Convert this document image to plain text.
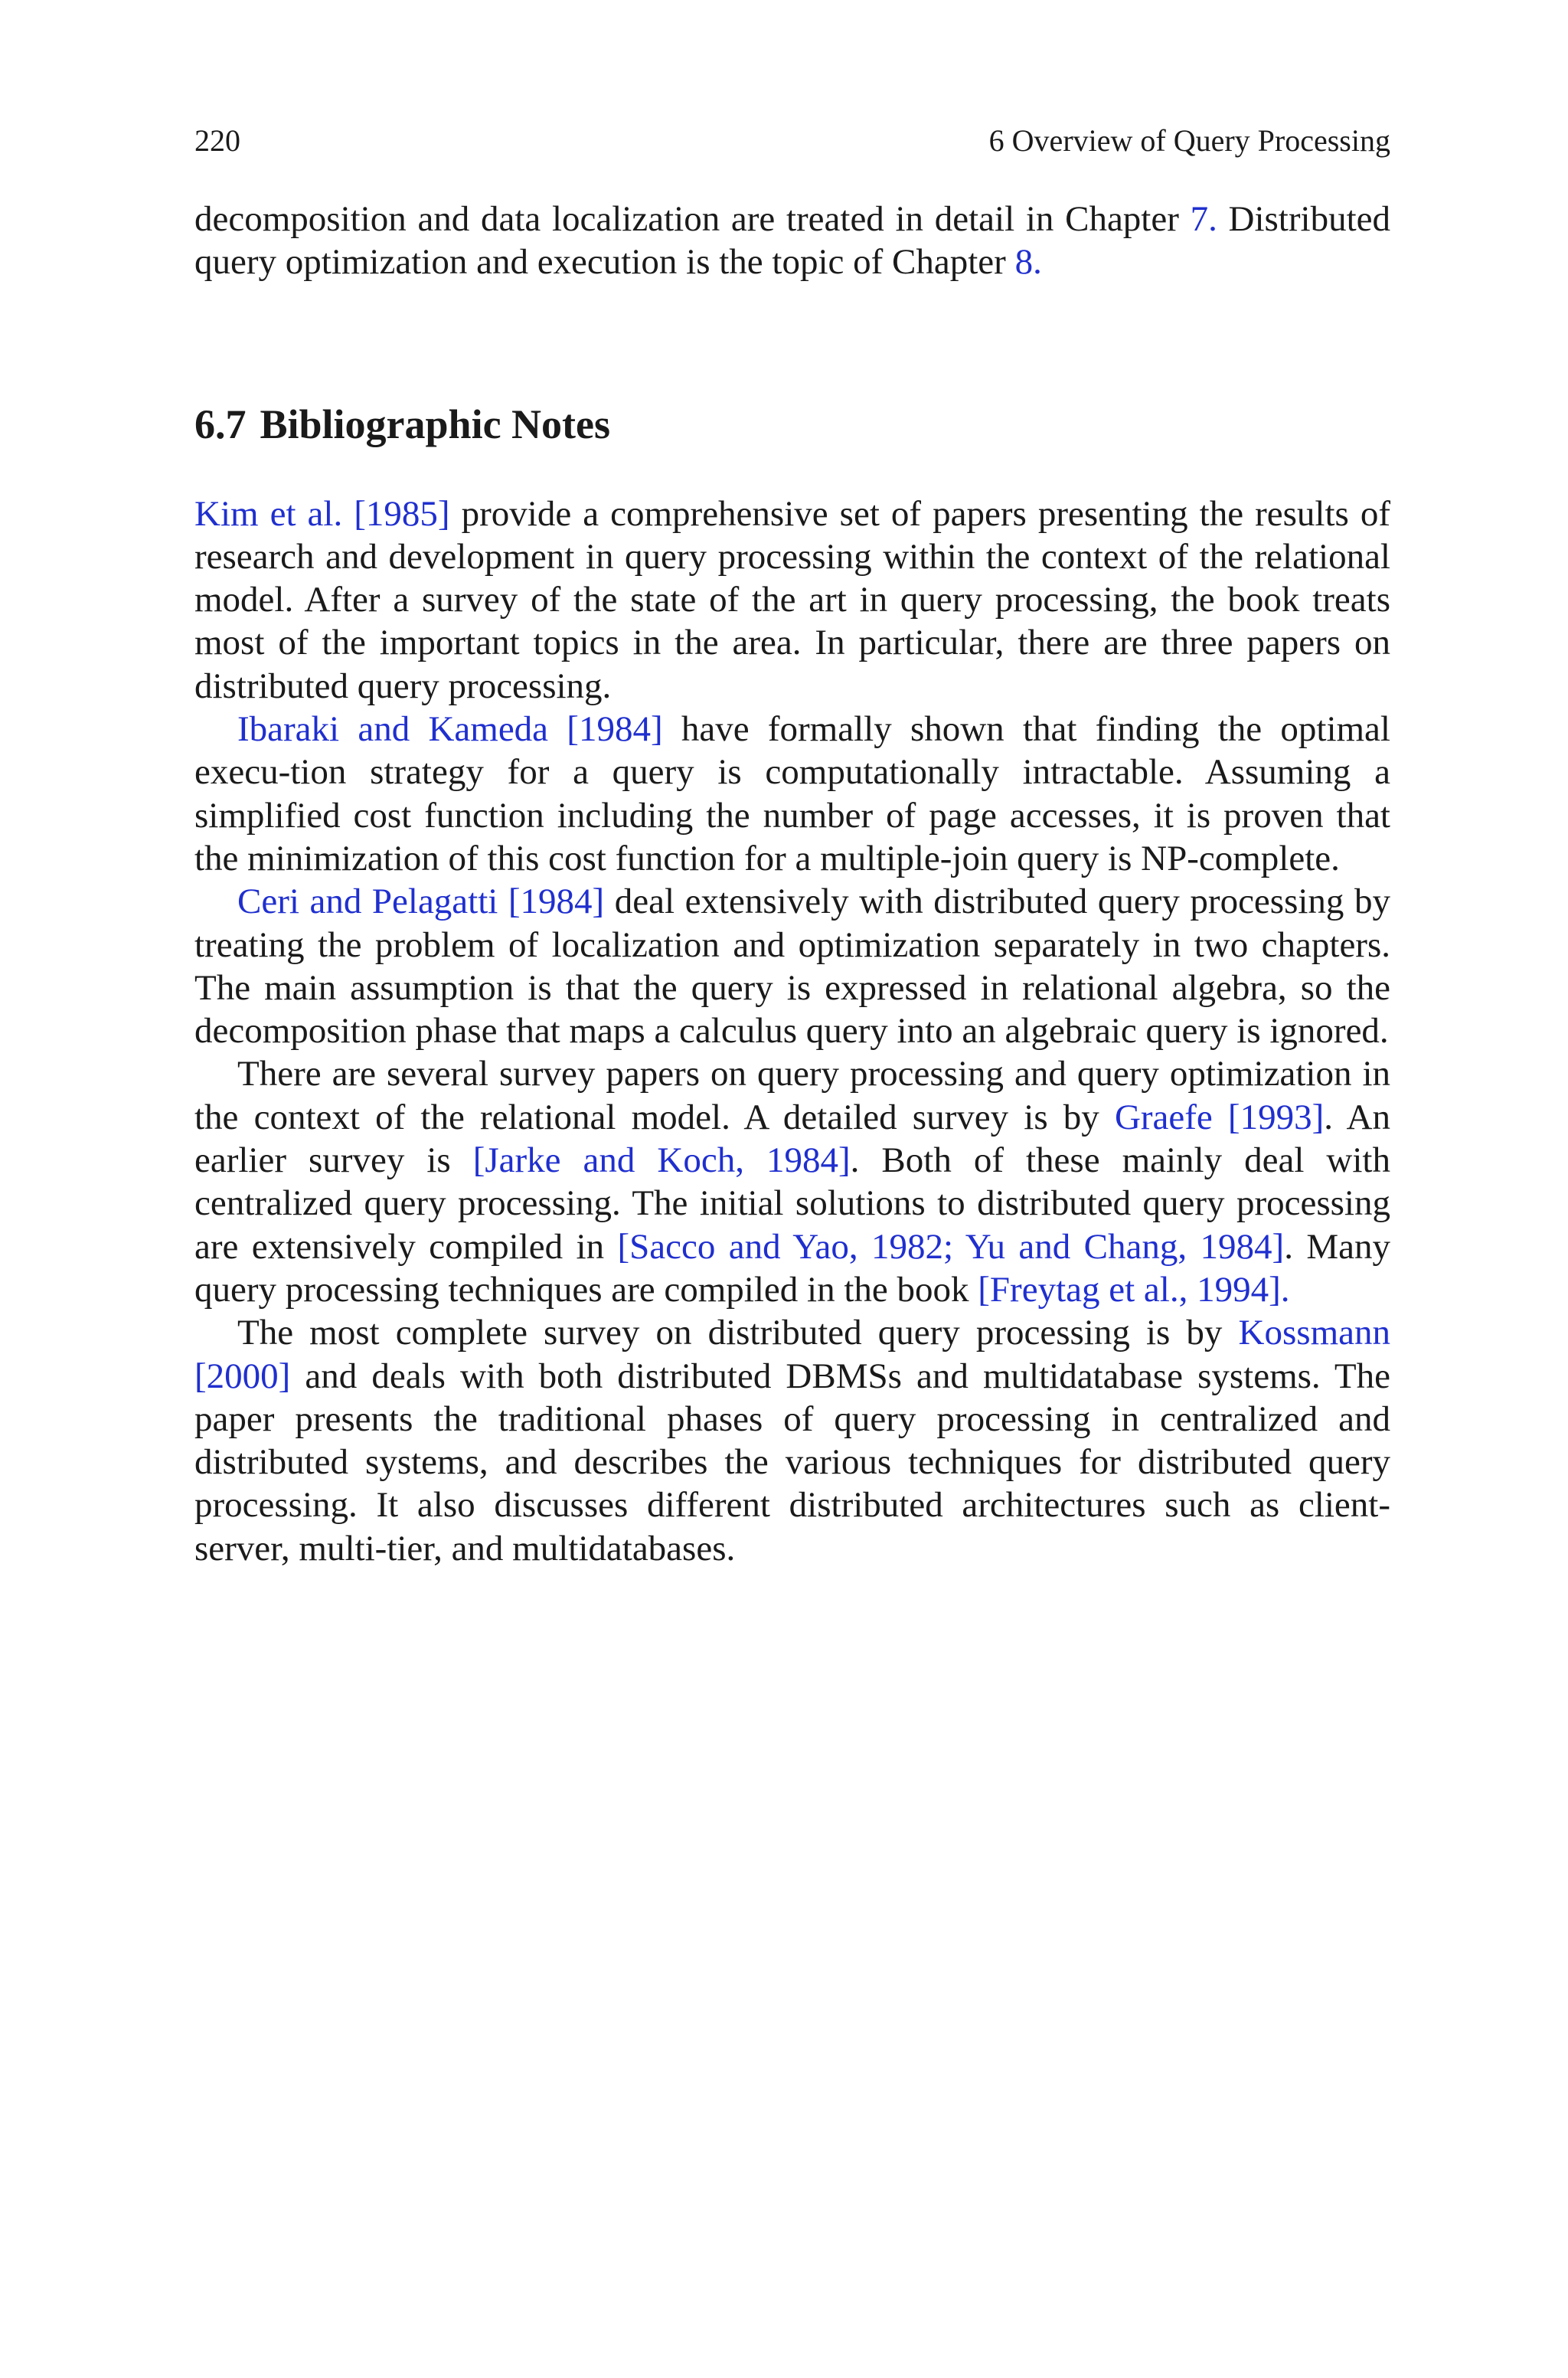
220	6 Overview of Query Processing

decomposition and data localization are treated in detail in Chapter 7. Distributed query optimization and execution is the topic of Chapter 8.

6.7 Bibliographic Notes

Kim et al. [1985] provide a comprehensive set of papers presenting the results of research and development in query processing within the context of the relational model. After a survey of the state of the art in query processing, the book treats most of the important topics in the area. In particular, there are three papers on distributed query processing.

Ibaraki and Kameda [1984] have formally shown that finding the optimal execu-tion strategy for a query is computationally intractable. Assuming a simplified cost function including the number of page accesses, it is proven that the minimization of this cost function for a multiple-join query is NP-complete.

Ceri and Pelagatti [1984] deal extensively with distributed query processing by treating the problem of localization and optimization separately in two chapters. The main assumption is that the query is expressed in relational algebra, so the decomposition phase that maps a calculus query into an algebraic query is ignored.

There are several survey papers on query processing and query optimization in the context of the relational model. A detailed survey is by Graefe [1993]. An earlier survey is [Jarke and Koch, 1984]. Both of these mainly deal with centralized query processing. The initial solutions to distributed query processing are extensively compiled in [Sacco and Yao, 1982; Yu and Chang, 1984]. Many query processing techniques are compiled in the book [Freytag et al., 1994].

The most complete survey on distributed query processing is by Kossmann [2000] and deals with both distributed DBMSs and multidatabase systems. The paper presents the traditional phases of query processing in centralized and distributed systems, and describes the various techniques for distributed query processing. It also discusses different distributed architectures such as client-server, multi-tier, and multidatabases.
